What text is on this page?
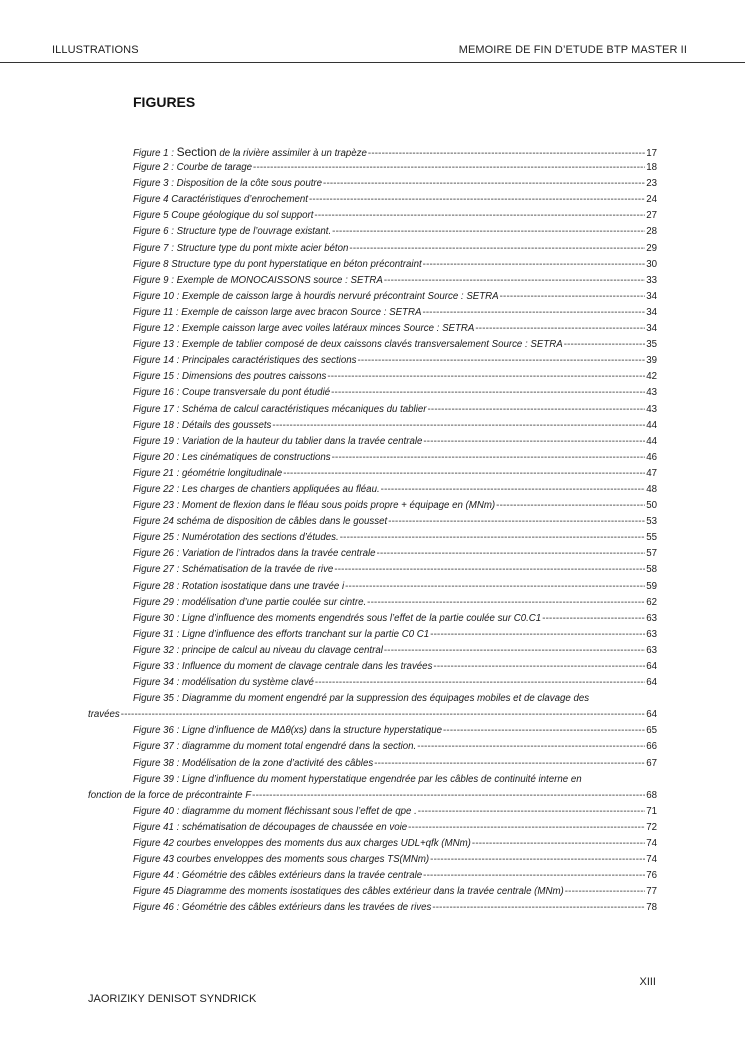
ILLUSTRATIONS	MEMOIRE DE FIN D’ETUDE BTP MASTER II
FIGURES
Figure 1 : Section de la rivière assimiler à un trapèze -----	17
Figure 2 : Courbe de tarage -----	18
Figure 3 : Disposition de la côte sous poutre -----	23
Figure 4 Caractéristiques d’enrochement -----	24
Figure 5 Coupe géologique du sol support -----	27
Figure 6 : Structure type de l’ouvrage existant. -----	28
Figure 7 : Structure type du pont mixte acier béton -----	29
Figure 8 Structure type du pont hyperstatique en béton précontraint -----	30
Figure 9 : Exemple de MONOCAISSONS source : SETRA -----	33
Figure 10 : Exemple de caisson large à hourdis nervuré précontraint Source : SETRA -----	34
Figure 11 : Exemple de caisson large avec bracon Source : SETRA -----	34
Figure 12 : Exemple caisson large avec voiles latéraux minces Source : SETRA -----	34
Figure 13 : Exemple de tablier composé de deux caissons clavés transversalement Source : SETRA -----	35
Figure 14 : Principales caractéristiques des sections -----	39
Figure 15 : Dimensions des poutres caissons -----	42
Figure 16 : Coupe transversale du pont étudié -----	43
Figure 17 : Schéma de calcul caractéristiques mécaniques du tablier -----	43
Figure 18 : Détails des goussets -----	44
Figure 19 : Variation de la hauteur du tablier dans la travée centrale -----	44
Figure 20 : Les cinématiques de constructions -----	46
Figure 21 : géométrie longitudinale -----	47
Figure 22 : Les charges de chantiers appliquées au fléau. -----	48
Figure 23 : Moment de flexion dans le fléau sous poids propre + équipage en (MNm) -----	50
Figure 24 schéma de disposition de câbles dans le gousset -----	53
Figure 25 : Numérotation des sections d’études. -----	55
Figure 26 : Variation de l’intrados dans la travée centrale -----	57
Figure 27 : Schématisation de la travée de rive -----	58
Figure 28 : Rotation isostatique dans une travée i -----	59
Figure 29 : modélisation d’une partie coulée sur cintre. -----	62
Figure 30 : Ligne d’influence des moments engendrés sous l’effet de la partie coulée sur C0.C1 -----	63
Figure 31 : Ligne d’influence des efforts tranchant sur la partie C0 C1 -----	63
Figure 32 : principe de calcul au niveau du clavage central -----	63
Figure 33 : Influence du moment de clavage centrale dans les travées -----	64
Figure 34 : modélisation du système clavé -----	64
Figure 35 : Diagramme du moment engendré par la suppression des équipages mobiles et de clavage des
travées -----	64
Figure 36 : Ligne d’influence de MΔθ(xs) dans la structure hyperstatique -----	65
Figure 37 : diagramme du moment total engendré dans la section. -----	66
Figure 38 : Modélisation de la zone d’activité des câbles -----	67
Figure 39 : Ligne d’influence du moment hyperstatique engendrée par les câbles de continuité interne en
fonction de la force de précontrainte F -----	68
Figure 40 : diagramme du moment fléchissant sous l’effet de qpe . -----	71
Figure 41 : schématisation de découpages de chaussée en voie -----	72
Figure 42 courbes enveloppes des moments dus aux charges UDL+qfk (MNm) -----	74
Figure 43 courbes enveloppes des moments sous charges TS(MNm) -----	74
Figure 44 : Géométrie des câbles extérieurs dans la travée centrale -----	76
Figure 45 Diagramme des moments isostatiques des câbles extérieur dans la travée centrale (MNm) -----	77
Figure 46 : Géométrie des câbles extérieurs dans les travées de rives -----	78
XIII
JAORIZIKY DENISOT SYNDRICK
